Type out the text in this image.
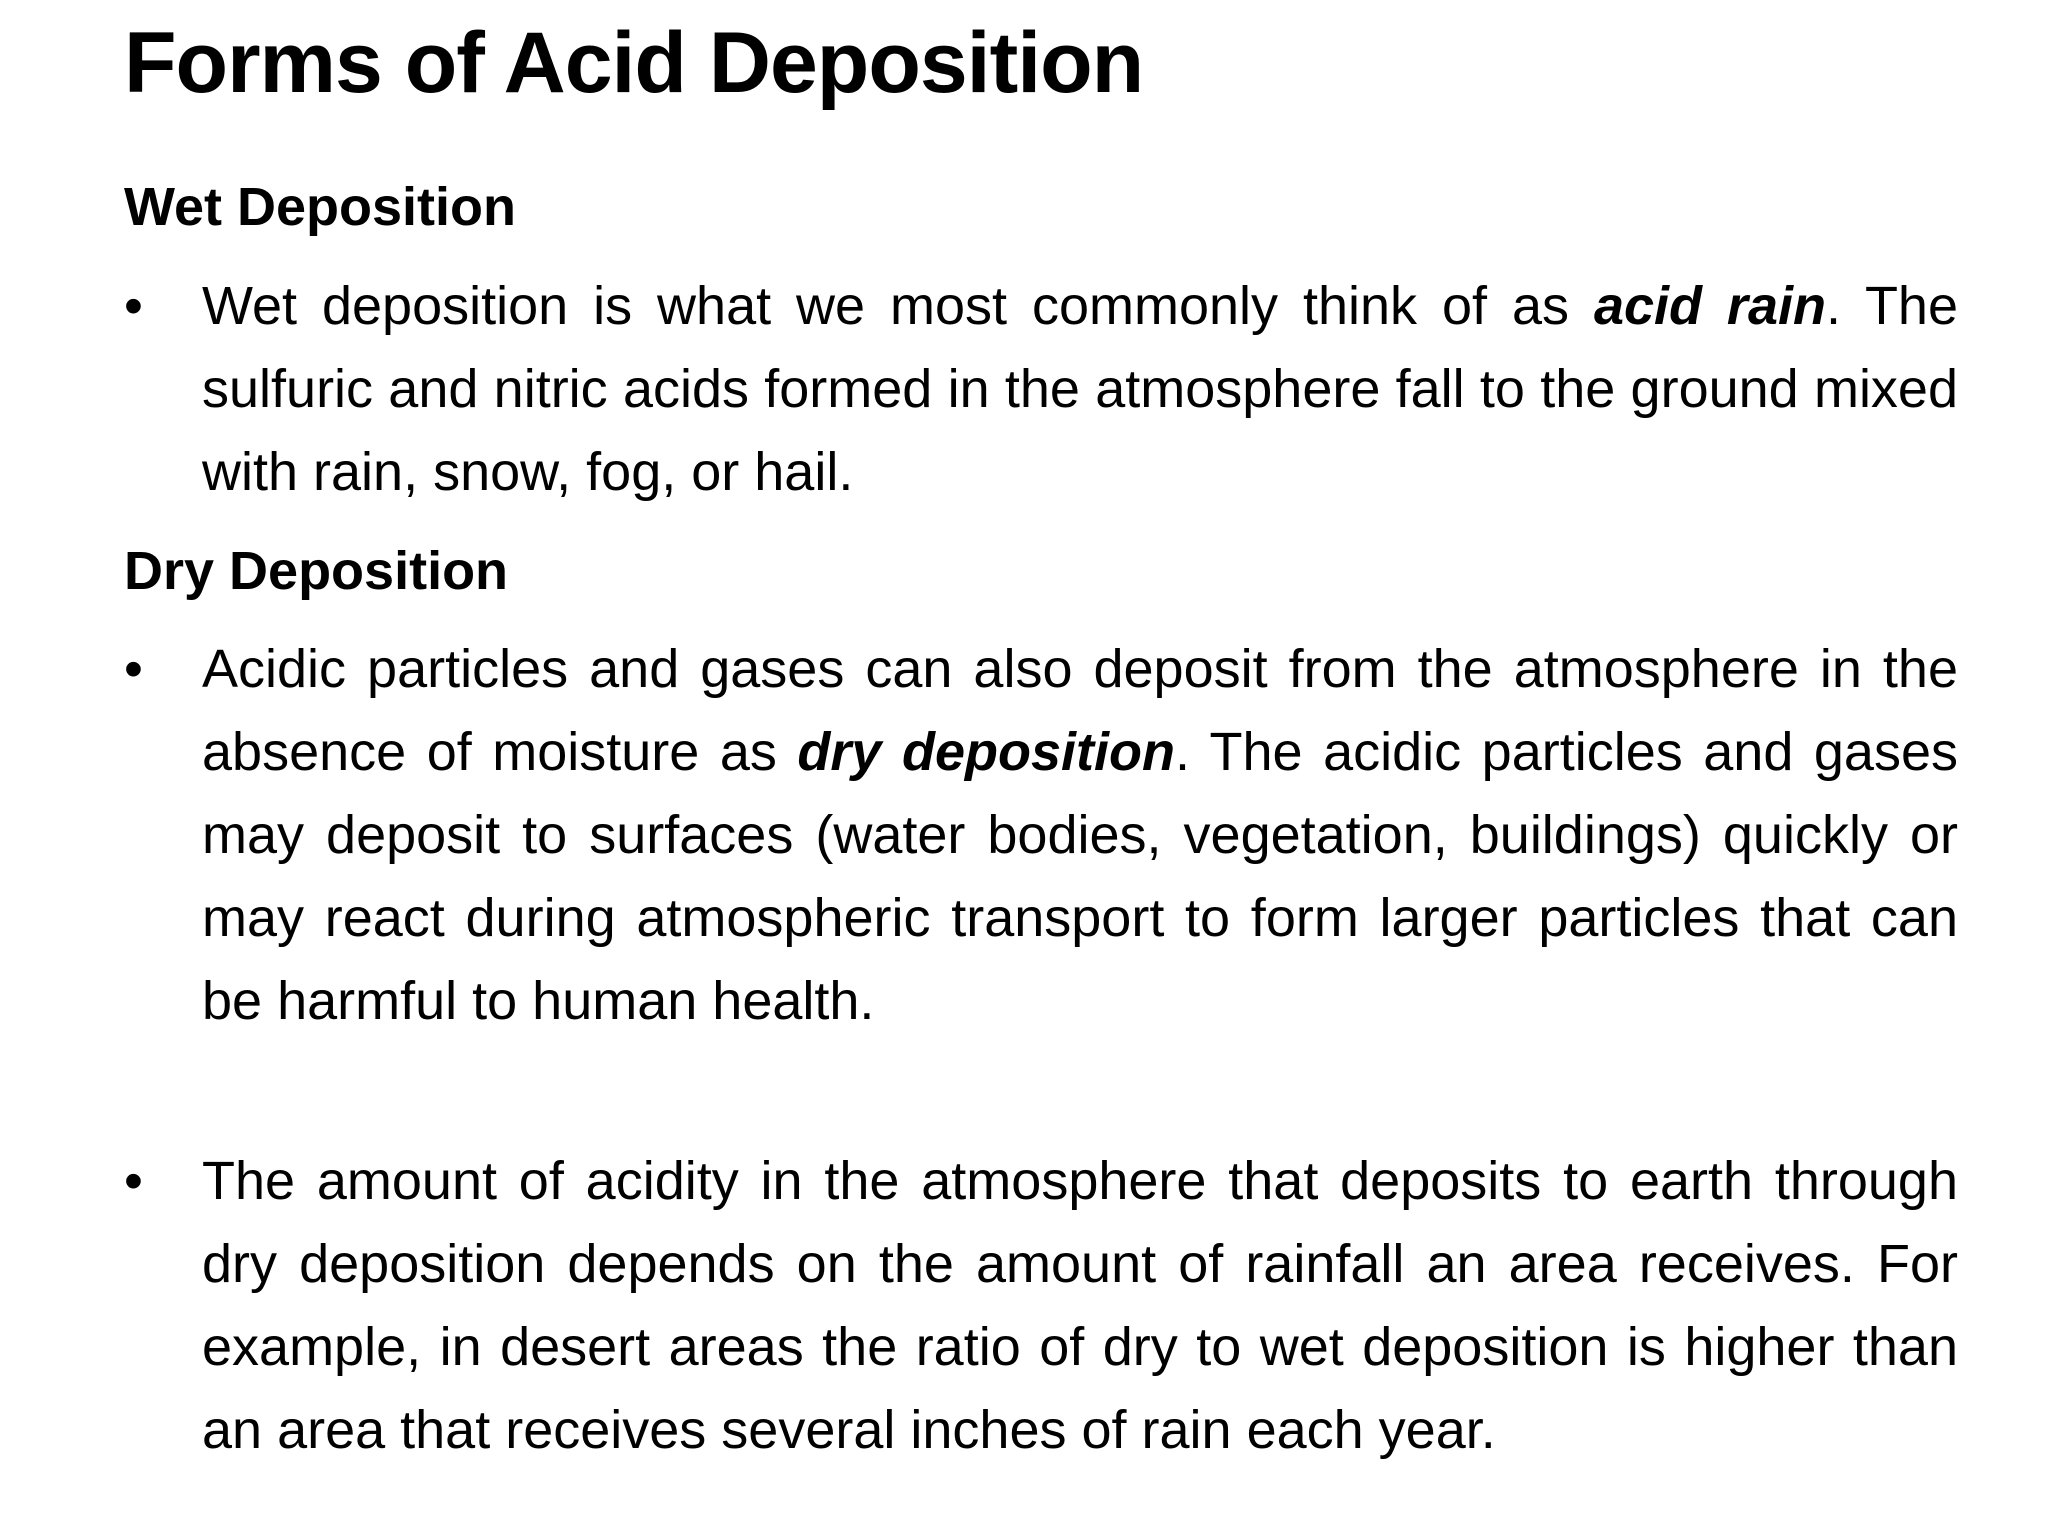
Forms of Acid Deposition
Wet Deposition
•	Wet deposition is what we most commonly think of as acid rain. The sulfuric and nitric acids formed in the atmosphere fall to the ground mixed with rain, snow, fog, or hail.

Dry Deposition
•	Acidic particles and gases can also deposit from the atmosphere in the absence of moisture as dry deposition. The acidic particles and gases may deposit to surfaces (water bodies, vegetation, buildings) quickly or may react during atmospheric transport to form larger particles that can be harmful to human health.

•	The amount of acidity in the atmosphere that deposits to earth through dry deposition depends on the amount of rainfall an area receives. For example, in desert areas the ratio of dry to wet deposition is higher than an area that receives several inches of rain each year.
